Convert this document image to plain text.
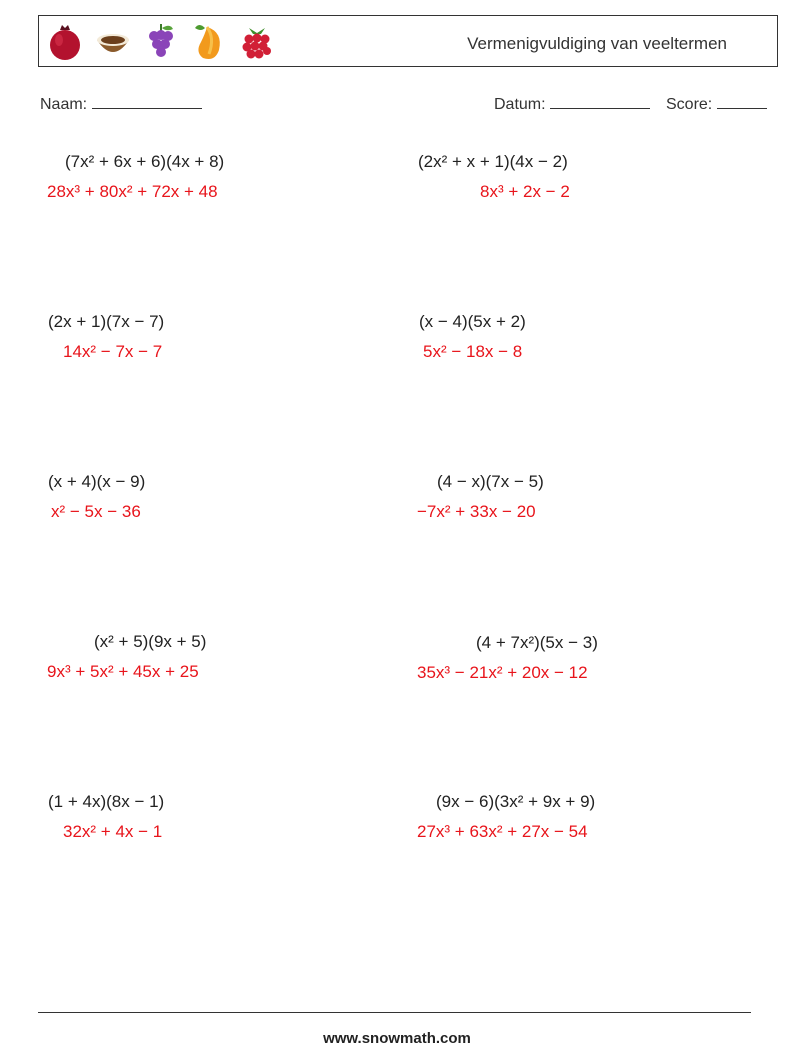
Vermenigvuldiging van veeltermen
Naam:	Datum:	Score:
(7x² + 6x + 6)(4x + 8)
28x³ + 80x² + 72x + 48
(2x² + x + 1)(4x − 2)
8x³ + 2x − 2
(2x + 1)(7x − 7)
14x² − 7x − 7
(x − 4)(5x + 2)
5x² − 18x − 8
(x + 4)(x − 9)
x² − 5x − 36
(4 − x)(7x − 5)
−7x² + 33x − 20
(x² + 5)(9x + 5)
9x³ + 5x² + 45x + 25
(4 + 7x²)(5x − 3)
35x³ − 21x² + 20x − 12
(1 + 4x)(8x − 1)
32x² + 4x − 1
(9x − 6)(3x² + 9x + 9)
27x³ + 63x² + 27x − 54
www.snowmath.com
